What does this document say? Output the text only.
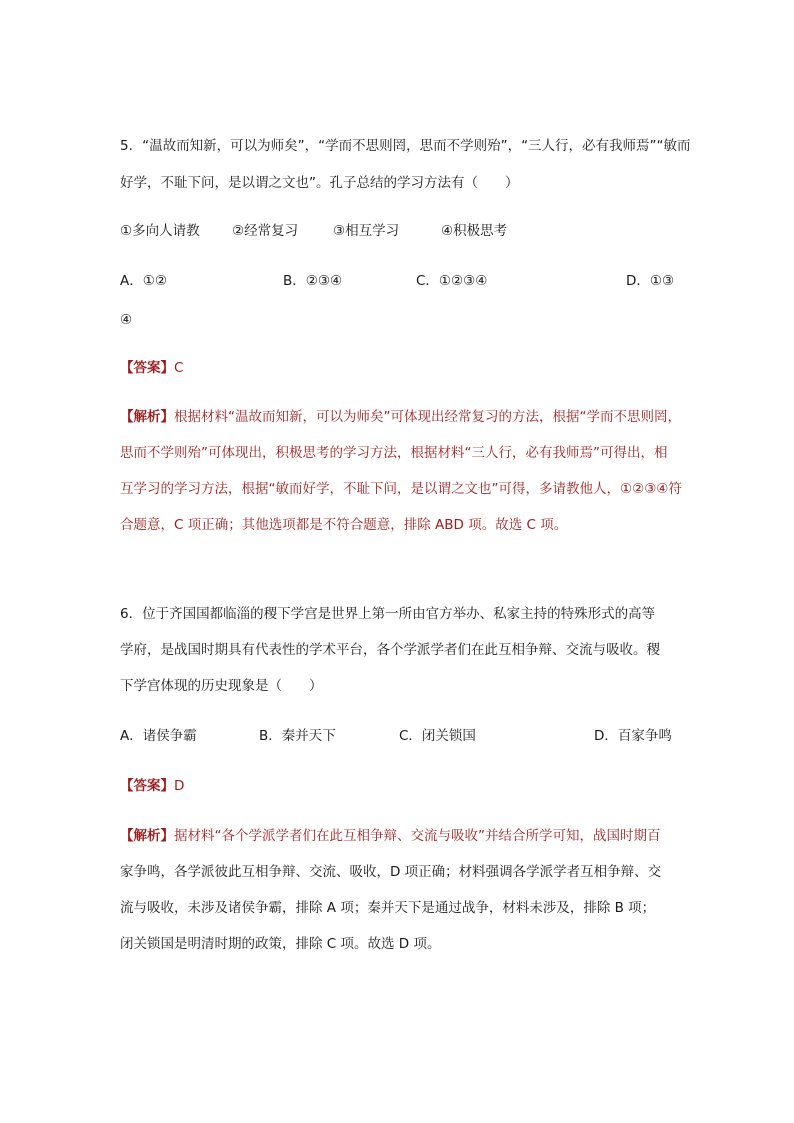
5．“温故而知新，可以为师矣”，“学而不思则罔，思而不学则殆”，“三人行，必有我师焉”“敏而
好学，不耻下问，是以谓之文也”。孔子总结的学习方法有（　　）
①多向人请教 ②经常复习	③相互学习	④积极思考
A．①②	B．②③④	C．①②③④	D．①③
④
【答案】C
【解析】根据材料“温故而知新，可以为师矣”可体现出经常复习的方法，根据“学而不思则罔，
思而不学则殆”可体现出，积极思考的学习方法，根据材料“三人行，必有我师焉”可得出，相
互学习的学习方法，根据“敏而好学，不耻下问，是以谓之文也”可得，多请教他人，①②③④符
合题意，C 项正确；其他选项都是不符合题意，排除 ABD 项。故选 C 项。
6．位于齐国国都临淄的稷下学宫是世界上第一所由官方举办、私家主持的特殊形式的高等
学府，是战国时期具有代表性的学术平台，各个学派学者们在此互相争辩、交流与吸收。稷
下学宫体现的历史现象是（　　）
A．诸侯争霸	B．秦并天下	C．闭关锁国	D．百家争鸣
【答案】D
【解析】据材料“各个学派学者们在此互相争辩、交流与吸收”并结合所学可知，战国时期百
家争鸣，各学派彼此互相争辩、交流、吸收，D 项正确；材料强调各学派学者互相争辩、交
流与吸收，未涉及诸侯争霸，排除 A 项；秦并天下是通过战争，材料未涉及，排除 B 项；
闭关锁国是明清时期的政策，排除 C 项。故选 D 项。
